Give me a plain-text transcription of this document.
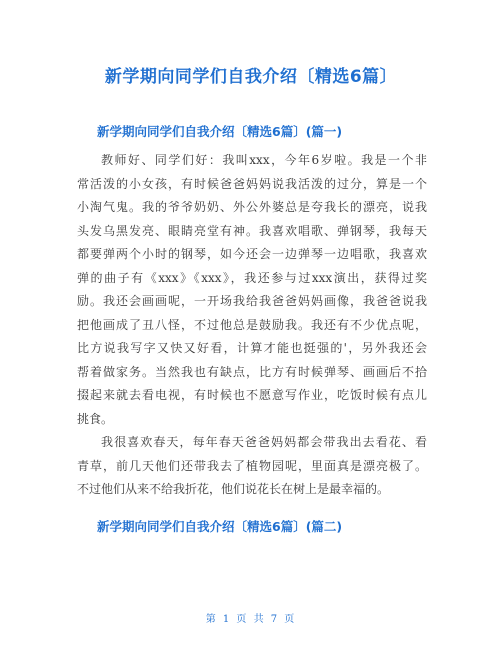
新学期向同学们自我介绍〔精选6篇〕
新学期向同学们自我介绍〔精选6篇〕(篇一)
教师好、同学们好：我叫xxx，今年6岁啦。我是一个非
常活泼的小女孩，有时候爸爸妈妈说我活泼的过分，算是一个
小淘气鬼。我的爷爷奶奶、外公外婆总是夸我长的漂亮，说我
头发乌黑发亮、眼睛亮堂有神。我喜欢唱歌、弹钢琴，我每天
都要弹两个小时的钢琴，如今还会一边弹琴一边唱歌，我喜欢
弹的曲子有《xxx》《xxx》，我还参与过xxx演出，获得过奖
励。我还会画画呢，一开场我给我爸爸妈妈画像，我爸爸说我
把他画成了丑八怪，不过他总是鼓励我。我还有不少优点呢，
比方说我写字又快又好看，计算才能也挺强的'，另外我还会
帮着做家务。当然我也有缺点，比方有时候弹琴、画画后不拾
掇起来就去看电视，有时候也不愿意写作业，吃饭时候有点儿
挑食。
我很喜欢春天，每年春天爸爸妈妈都会带我出去看花、看
青草，前几天他们还带我去了植物园呢，里面真是漂亮极了。
不过他们从来不给我折花，他们说花长在树上是最幸福的。
新学期向同学们自我介绍〔精选6篇〕(篇二)
第 1 页 共 7 页
